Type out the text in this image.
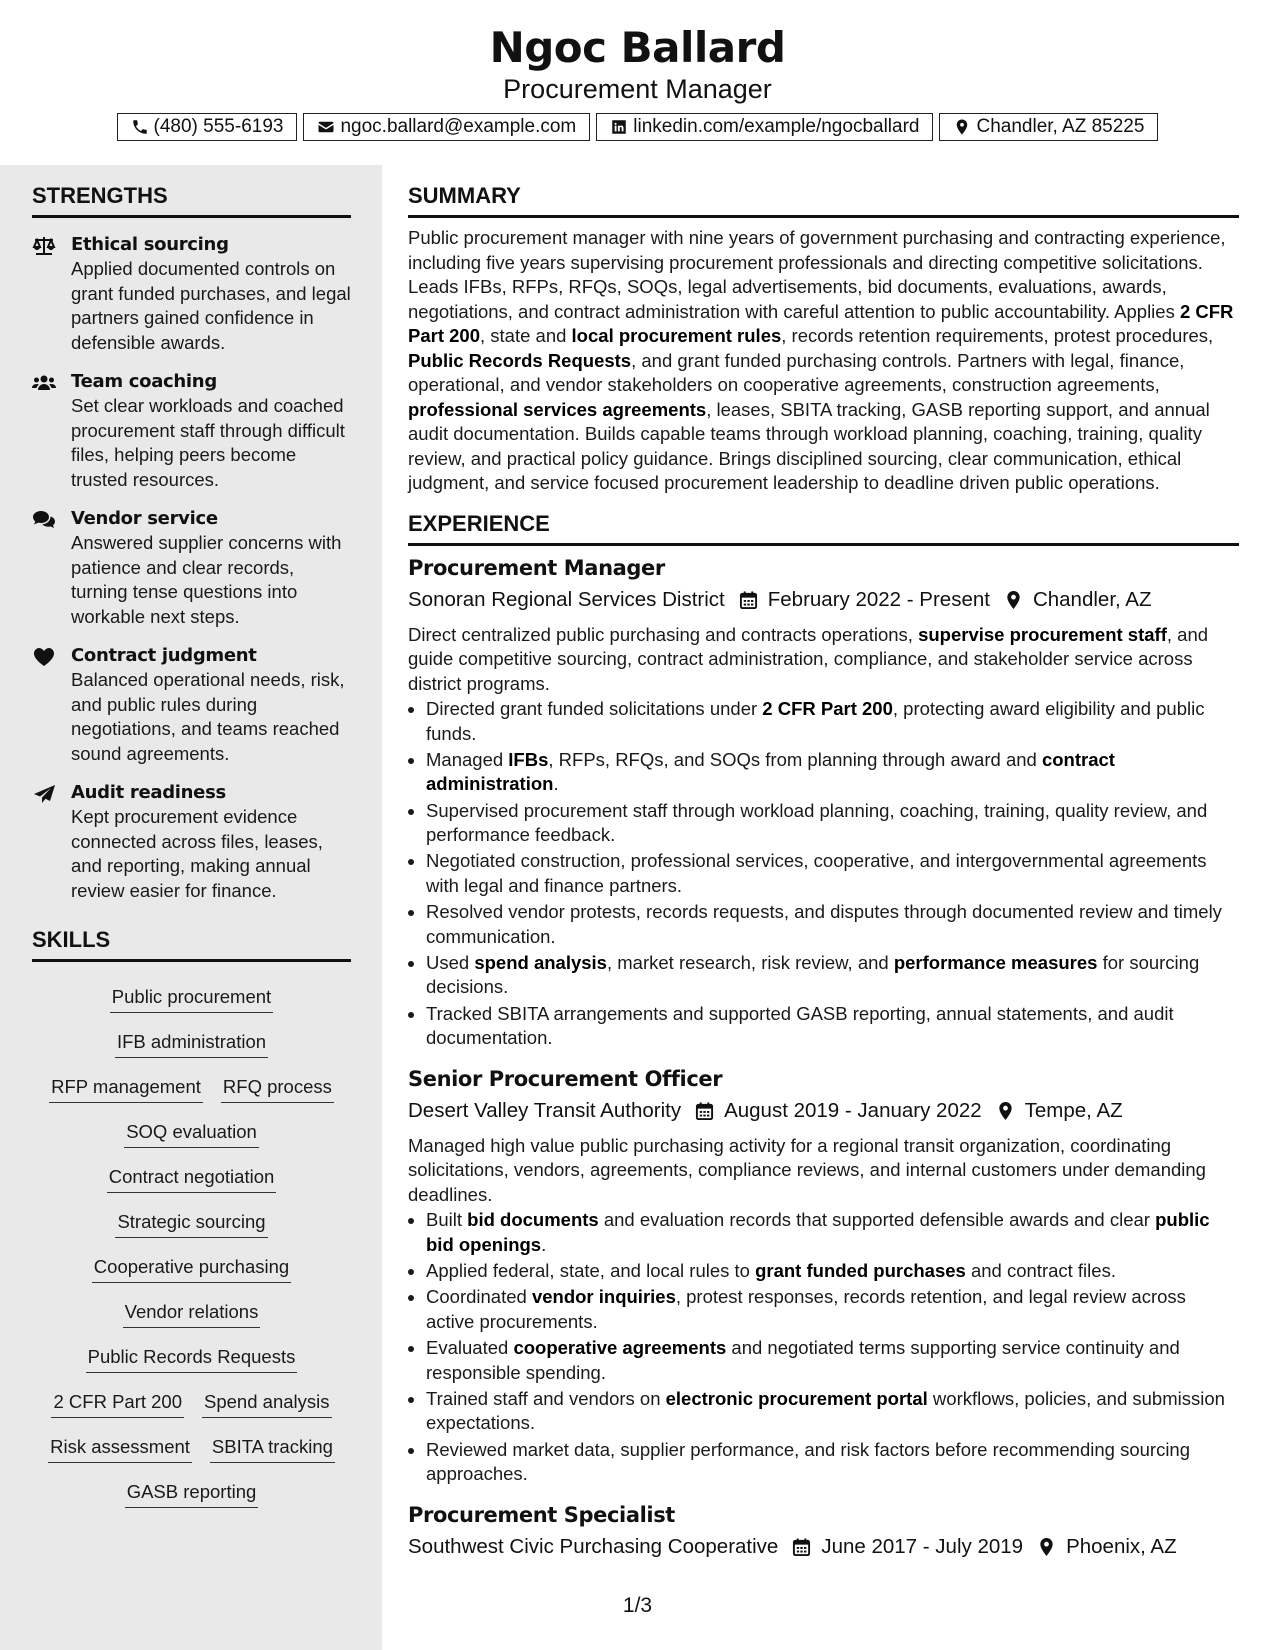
Ngoc Ballard
Procurement Manager
(480) 555-6193	ngoc.ballard@example.com	linkedin.com/example/ngocballard	Chandler, AZ 85225
STRENGTHS
Ethical sourcing
Applied documented controls on grant funded purchases, and legal partners gained confidence in defensible awards.
Team coaching
Set clear workloads and coached procurement staff through difficult files, helping peers become trusted resources.
Vendor service
Answered supplier concerns with patience and clear records, turning tense questions into workable next steps.
Contract judgment
Balanced operational needs, risk, and public rules during negotiations, and teams reached sound agreements.
Audit readiness
Kept procurement evidence connected across files, leases, and reporting, making annual review easier for finance.
SKILLS
Public procurement
IFB administration
RFP management RFQ process
SOQ evaluation
Contract negotiation
Strategic sourcing
Cooperative purchasing
Vendor relations
Public Records Requests
2 CFR Part 200 Spend analysis
Risk assessment SBITA tracking
GASB reporting
SUMMARY

Public procurement manager with nine years of government purchasing and contracting experience, including five years supervising procurement professionals and directing competitive solicitations. Leads IFBs, RFPs, RFQs, SOQs, legal advertisements, bid documents, evaluations, awards, negotiations, and contract administration with careful attention to public accountability. Applies 2 CFR Part 200, state and local procurement rules, records retention requirements, protest procedures, Public Records Requests, and grant funded purchasing controls. Partners with legal, finance, operational, and vendor stakeholders on cooperative agreements, construction agreements, professional services agreements, leases, SBITA tracking, GASB reporting support, and annual audit documentation. Builds capable teams through workload planning, coaching, training, quality review, and practical policy guidance. Brings disciplined sourcing, clear communication, ethical judgment, and service focused procurement leadership to deadline driven public operations.

EXPERIENCE
Procurement Manager
Sonoran Regional Services District February 2022 - Present Chandler, AZ

Direct centralized public purchasing and contracts operations, supervise procurement staff, and guide competitive sourcing, contract administration, compliance, and stakeholder service across district programs.

• Directed grant funded solicitations under 2 CFR Part 200, protecting award eligibility and public funds.
• Managed IFBs, RFPs, RFQs, and SOQs from planning through award and contract administration.
• Supervised procurement staff through workload planning, coaching, training, quality review, and performance feedback.
• Negotiated construction, professional services, cooperative, and intergovernmental agreements with legal and finance partners.
• Resolved vendor protests, records requests, and disputes through documented review and timely communication.
• Used spend analysis, market research, risk review, and performance measures for sourcing decisions.
• Tracked SBITA arrangements and supported GASB reporting, annual statements, and audit documentation.
Senior Procurement Officer
Desert Valley Transit Authority August 2019 - January 2022 Tempe, AZ

Managed high value public purchasing activity for a regional transit organization, coordinating solicitations, vendors, agreements, compliance reviews, and internal customers under demanding deadlines.

• Built bid documents and evaluation records that supported defensible awards and clear public bid openings.
• Applied federal, state, and local rules to grant funded purchases and contract files.
• Coordinated vendor inquiries, protest responses, records retention, and legal review across active procurements.
• Evaluated cooperative agreements and negotiated terms supporting service continuity and responsible spending.
• Trained staff and vendors on electronic procurement portal workflows, policies, and submission expectations.
• Reviewed market data, supplier performance, and risk factors before recommending sourcing approaches.
Procurement Specialist
Southwest Civic Purchasing Cooperative June 2017 - July 2019 Phoenix, AZ
1/3
